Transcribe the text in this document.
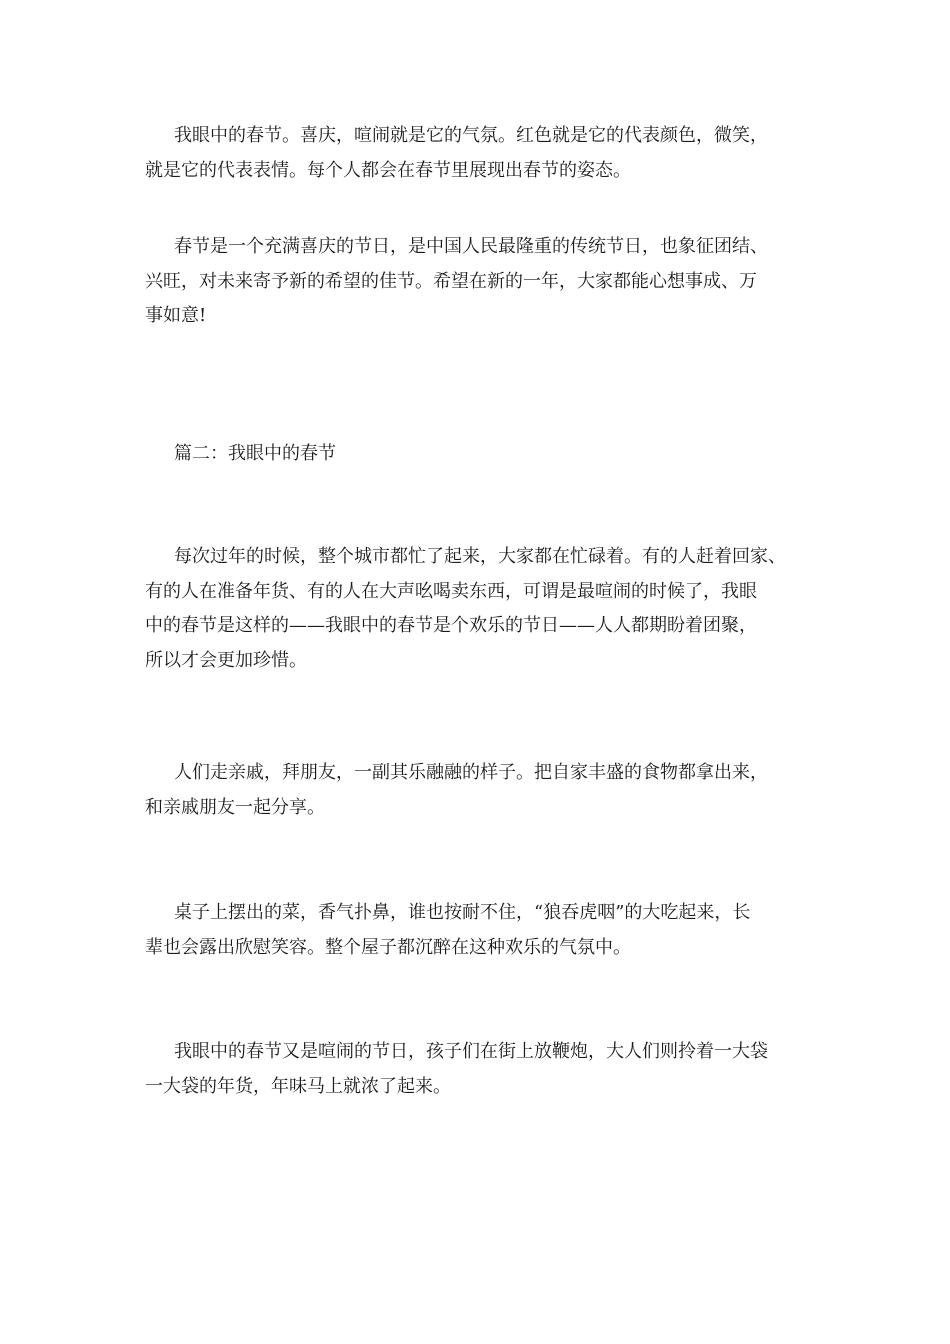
我眼中的春节。喜庆，喧闹就是它的气氛。红色就是它的代表颜色，微笑，
就是它的代表表情。每个人都会在春节里展现出春节的姿态。
春节是一个充满喜庆的节日，是中国人民最隆重的传统节日，也象征团结、
兴旺，对未来寄予新的希望的佳节。希望在新的一年，大家都能心想事成、万
事如意!
篇二：我眼中的春节
每次过年的时候，整个城市都忙了起来，大家都在忙碌着。有的人赶着回家、
有的人在准备年货、有的人在大声吆喝卖东西，可谓是最喧闹的时候了，我眼
中的春节是这样的——我眼中的春节是个欢乐的节日——人人都期盼着团聚，
所以才会更加珍惜。
人们走亲戚，拜朋友，一副其乐融融的样子。把自家丰盛的食物都拿出来，
和亲戚朋友一起分享。
桌子上摆出的菜，香气扑鼻，谁也按耐不住，“狼吞虎咽”的大吃起来，长
辈也会露出欣慰笑容。整个屋子都沉醉在这种欢乐的气氛中。
我眼中的春节又是喧闹的节日，孩子们在街上放鞭炮，大人们则拎着一大袋
一大袋的年货，年味马上就浓了起来。
